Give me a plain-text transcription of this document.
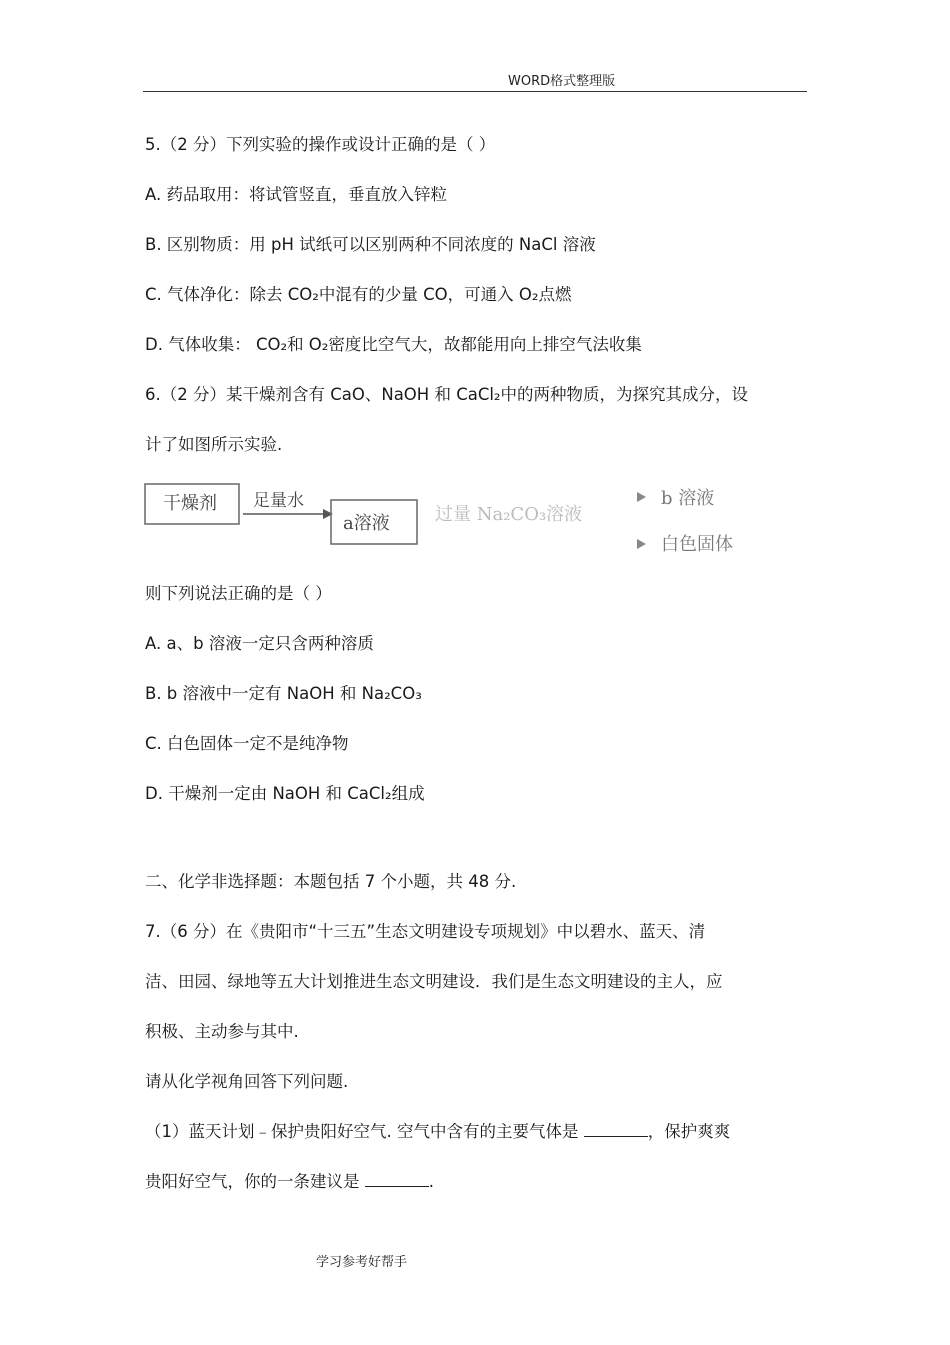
WORD格式整理版
5.（2 分）下列实验的操作或设计正确的是（ ）
A. 药品取用：将试管竖直，垂直放入锌粒
B. 区别物质：用 pH 试纸可以区别两种不同浓度的 NaCl 溶液
C. 气体净化：除去 CO₂中混有的少量 CO，可通入 O₂点燃
D. 气体收集： CO₂和 O₂密度比空气大，故都能用向上排空气法收集
6.（2 分）某干燥剂含有 CaO、NaOH 和 CaCl₂中的两种物质，为探究其成分，设
计了如图所示实验.
干燥剂 足量水
a溶液	过量 Na₂CO₃溶液
b 溶液
白色固体
则下列说法正确的是（ ）
A. a、b 溶液一定只含两种溶质
B. b 溶液中一定有 NaOH 和 Na₂CO₃
C. 白色固体一定不是纯净物
D. 干燥剂一定由 NaOH 和 CaCl₂组成
二、化学非选择题：本题包括 7 个小题，共 48 分.
7.（6 分）在《贵阳市“十三五”生态文明建设专项规划》中以碧水、蓝天、清
洁、田园、绿地等五大计划推进生态文明建设．我们是生态文明建设的主人，应
积极、主动参与其中.
请从化学视角回答下列问题.
（1）蓝天计划﹣保护贵阳好空气. 空气中含有的主要气体是	，保护爽爽
贵阳好空气，你的一条建议是	.
学习参考好帮手
